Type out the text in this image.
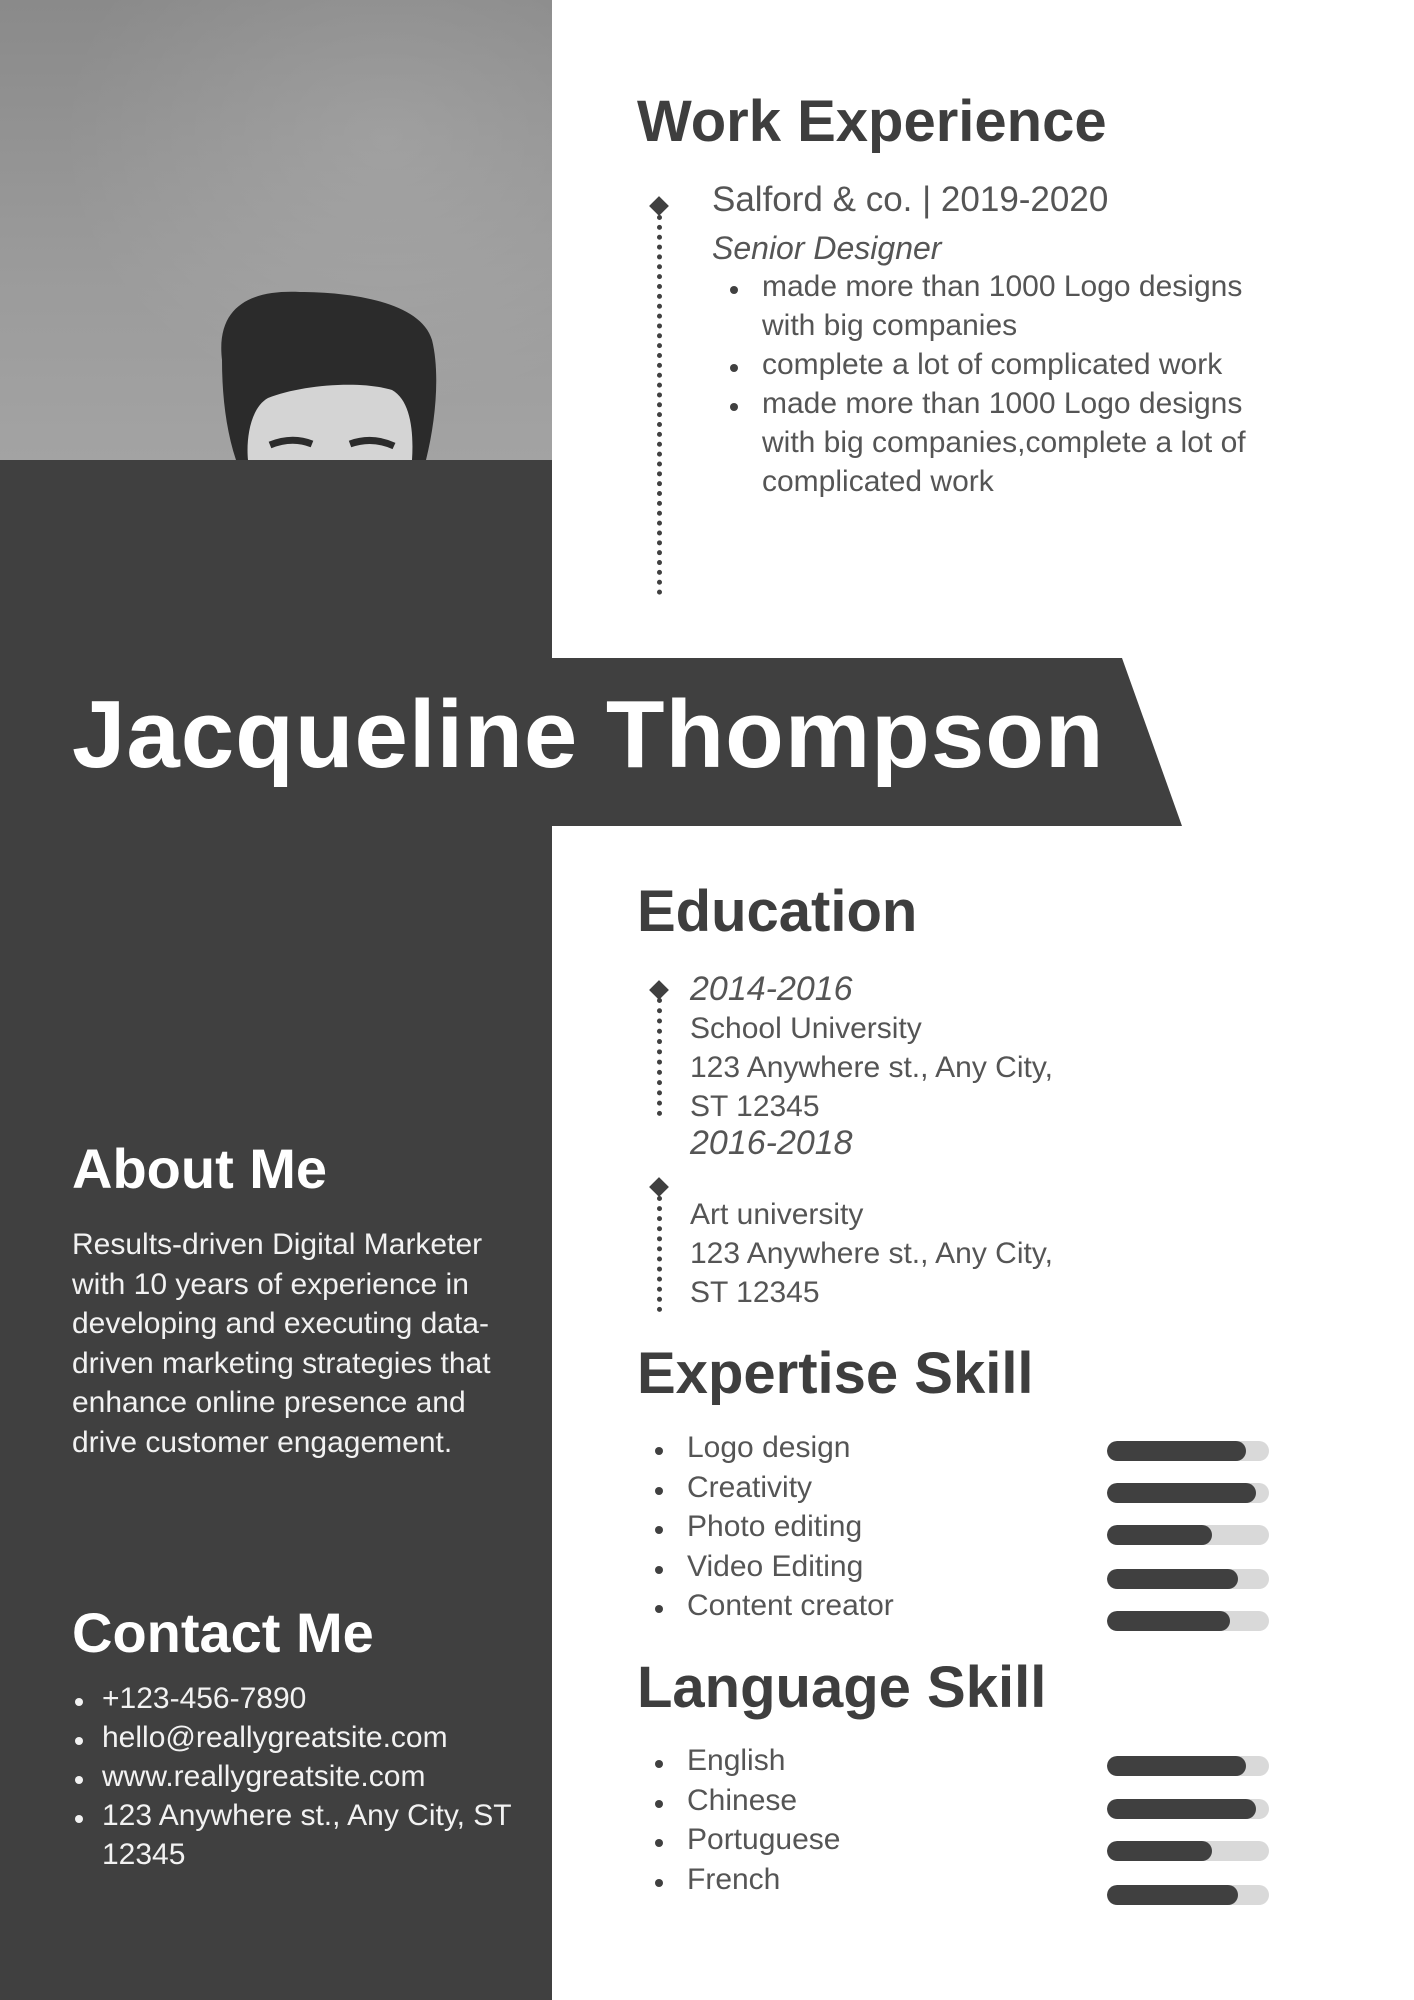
Jacqueline Thompson
Work Experience
Salford & co. | 2019-2020
Senior Designer
made more than 1000 Logo designs with big companies
complete a lot of complicated work
made more than 1000 Logo designs with big companies,complete a lot of complicated work
Education
2014-2016
School University
123 Anywhere st., Any City,
ST 12345
2016-2018
Art university
123 Anywhere st., Any City,
ST 12345
Expertise Skill
Logo design
Creativity
Photo editing
Video Editing
Content creator
Language Skill
English
Chinese
Portuguese
French
About Me

Results-driven Digital Marketer with 10 years of experience in developing and executing data-driven marketing strategies that enhance online presence and drive customer engagement.

Contact Me
+123-456-7890
hello@reallygreatsite.com
www.reallygreatsite.com
123 Anywhere st., Any City, ST 12345
